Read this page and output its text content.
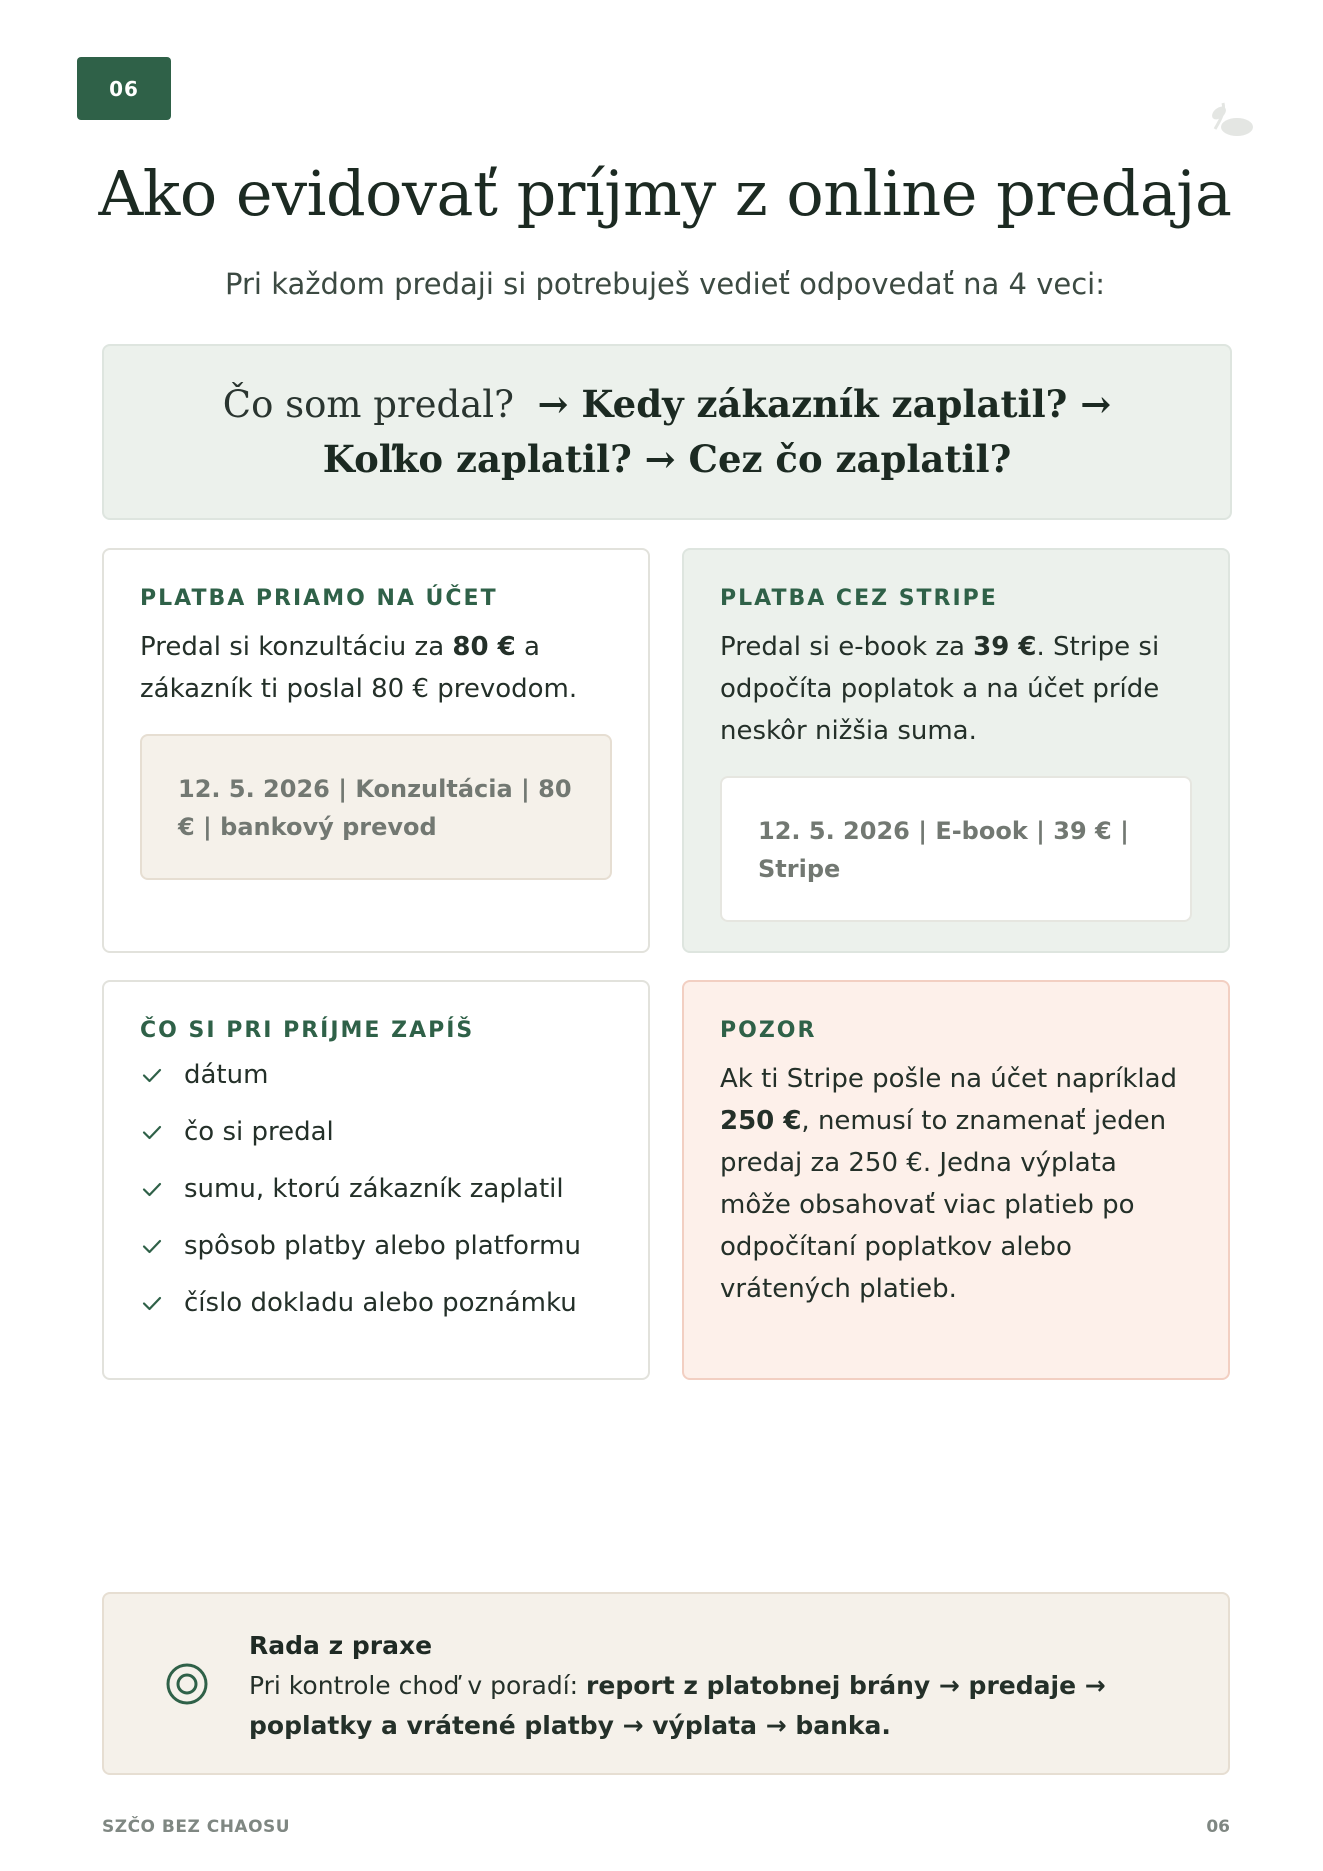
06
Ako evidovať príjmy z online predaja

Pri každom predaji si potrebuješ vedieť odpovedať na 4 veci:

Čo som predal? → Kedy zákazník zaplatil? → Koľko zaplatil? → Cez čo zaplatil?

PLATBA PRIAMO NA ÚČET

Predal si konzultáciu za 80 € a zákazník ti poslal 80 € prevodom.

12. 5. 2026 | Konzultácia | 80 € | bankový prevod
PLATBA CEZ STRIPE

Predal si e-book za 39 €. Stripe si odpočíta poplatok a na účet príde neskôr nižšia suma.

12. 5. 2026 | E-book | 39 € | Stripe
ČO SI PRI PRÍJME ZAPÍŠ
dátum
čo si predal
sumu, ktorú zákazník zaplatil
spôsob platby alebo platformu
číslo dokladu alebo poznámku
POZOR

Ak ti Stripe pošle na účet napríklad 250 €, nemusí to znamenať jeden predaj za 250 €. Jedna výplata môže obsahovať viac platieb po odpočítaní poplatkov alebo vrátených platieb.

Rada z praxe

Pri kontrole choď v poradí: report z platobnej brány → predaje → poplatky a vrátené platby → výplata → banka.

SZČO BEZ CHAOSU	06
